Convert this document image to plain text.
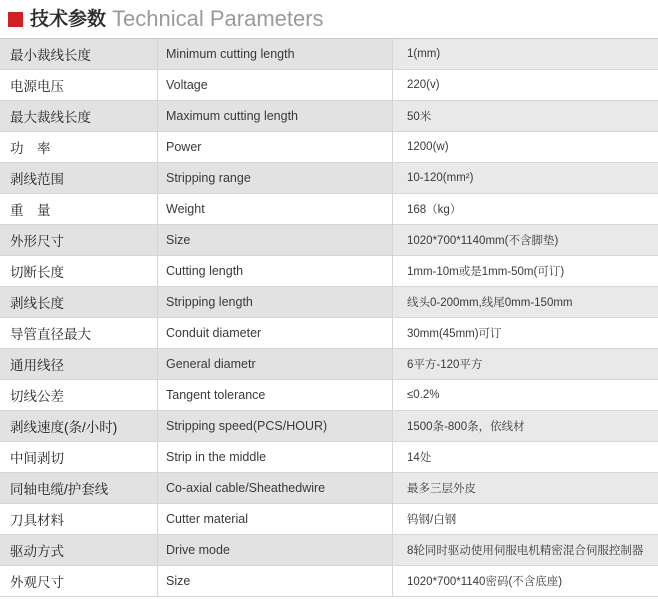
技术参数 Technical Parameters
最小裁线长度	Minimum cutting length	1(mm)
电源电压	Voltage	220(v)
最大裁线长度	Maximum cutting length	50米
功　率	Power	1200(w)
剥线范围	Stripping range	10-120(mm²)
重　量	Weight	168（kg）
外形尺寸	Size	1020*700*1140mm(不含脚垫)
切断长度	Cutting length	1mm-10m或是1mm-50m(可订)
剥线长度	Stripping length	线头0-200mm,线尾0mm-150mm
导管直径最大	Conduit diameter	30mm(45mm)可订
通用线径	General diametr	6平方-120平方
切线公差	Tangent tolerance	≤0.2%
剥线速度(条/小时)	Stripping speed(PCS/HOUR)	1500条-800条，依线材
中间剥切	Strip in the middle	14处
同轴电缆/护套线	Co-axial cable/Sheathedwire	最多三层外皮
刀具材料	Cutter material	钨钢/白钢
驱动方式	Drive mode	8轮同时驱动使用伺服电机精密混合伺服控制器
外观尺寸	Size	1020*700*1140密码(不含底座)
